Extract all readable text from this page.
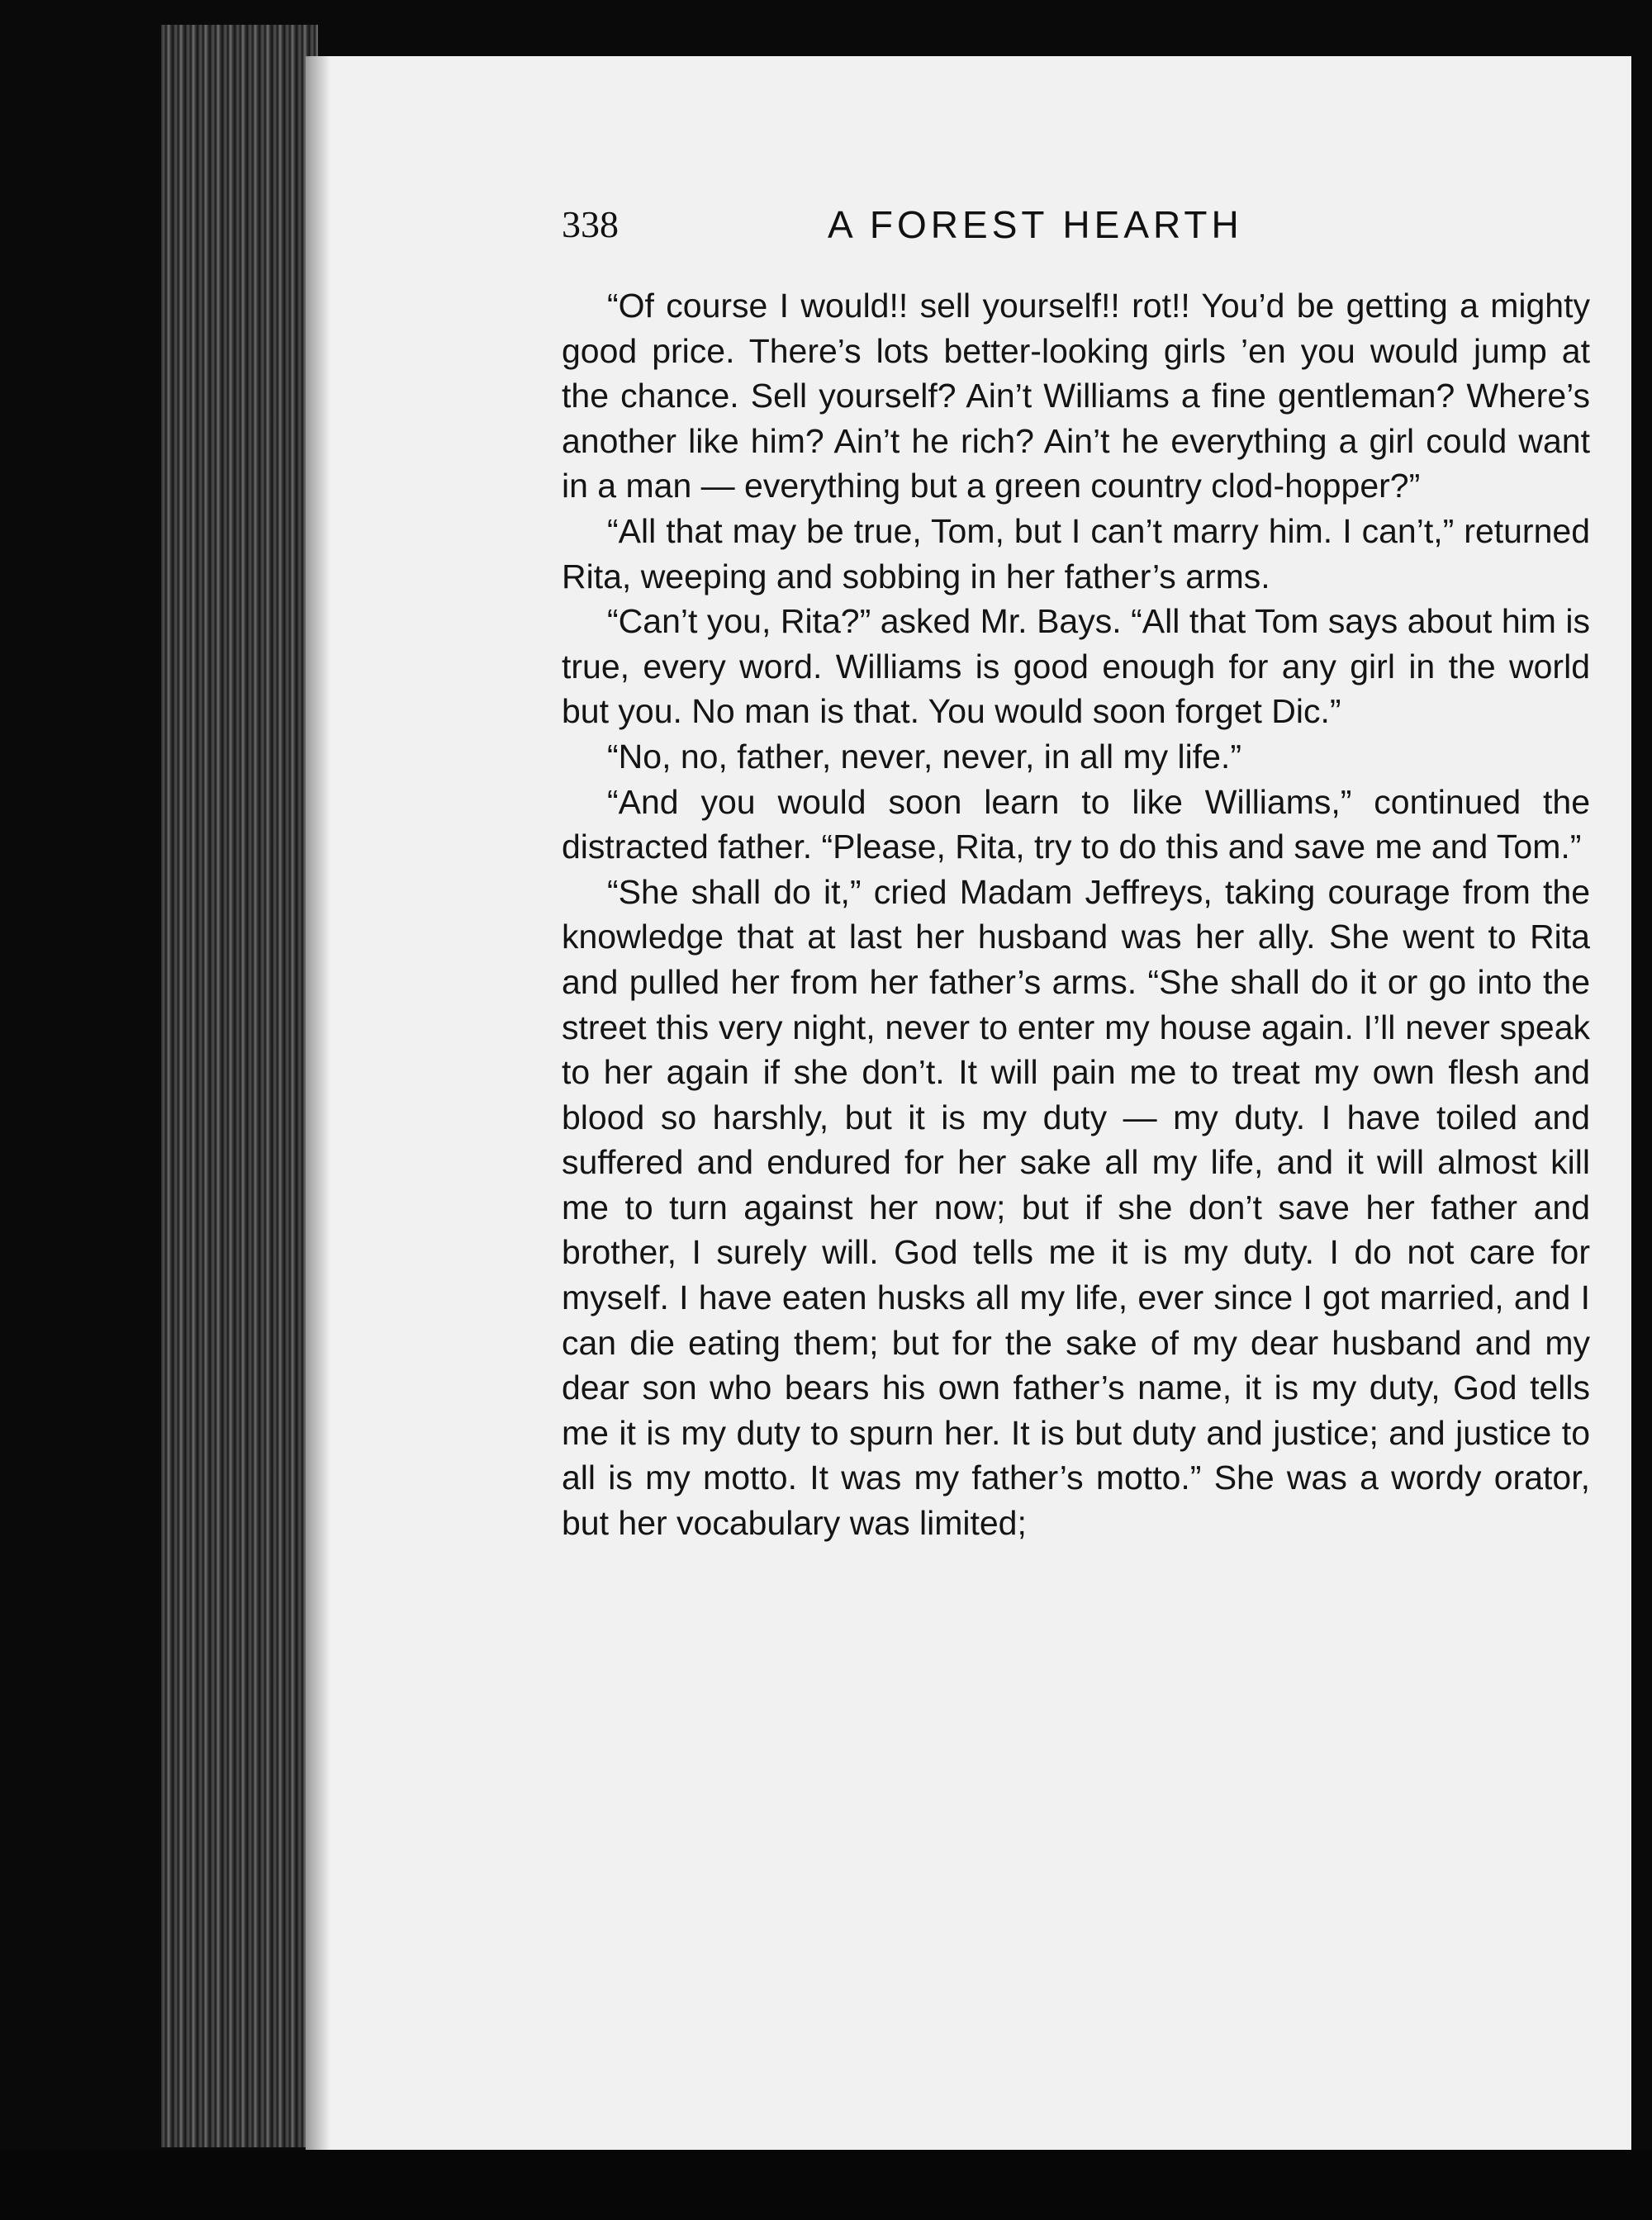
338	A FOREST HEARTH

“Of course I would!! sell yourself!! rot!! You’d be getting a mighty good price. There’s lots better-looking girls ’en you would jump at the chance. Sell yourself? Ain’t Williams a fine gentleman? Where’s another like him? Ain’t he rich? Ain’t he everything a girl could want in a man — everything but a green country clod-hopper?”

“All that may be true, Tom, but I can’t marry him. I can’t,” returned Rita, weeping and sobbing in her father’s arms.

“Can’t you, Rita?” asked Mr. Bays. “All that Tom says about him is true, every word. Williams is good enough for any girl in the world but you. No man is that. You would soon forget Dic.”

“No, no, father, never, never, in all my life.”

“And you would soon learn to like Williams,” continued the distracted father. “Please, Rita, try to do this and save me and Tom.”

“She shall do it,” cried Madam Jeffreys, taking courage from the knowledge that at last her husband was her ally. She went to Rita and pulled her from her father’s arms. “She shall do it or go into the street this very night, never to enter my house again. I’ll never speak to her again if she don’t. It will pain me to treat my own flesh and blood so harshly, but it is my duty — my duty. I have toiled and suffered and endured for her sake all my life, and it will almost kill me to turn against her now; but if she don’t save her father and brother, I surely will. God tells me it is my duty. I do not care for myself. I have eaten husks all my life, ever since I got married, and I can die eating them; but for the sake of my dear husband and my dear son who bears his own father’s name, it is my duty, God tells me it is my duty to spurn her. It is but duty and justice; and justice to all is my motto. It was my father’s motto.” She was a wordy orator, but her vocabulary was limited;
